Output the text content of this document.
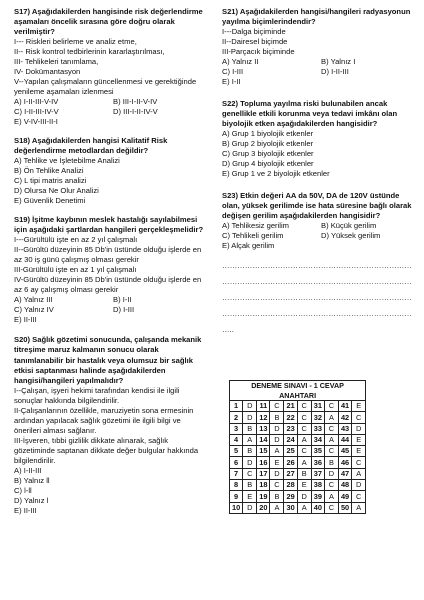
S17) Aşağıdakilerden hangisinde risk değerlendirme aşamaları öncelik sırasına göre doğru olarak verilmiştir?
I--- Riskleri belirleme ve analiz etme,
II-- Risk kontrol tedbirlerinin kararlaştırılması,
III- Tehlikeleri tanımlama,
IV- Dokümantasyon
V--Yapılan çalışmaların güncellenmesi ve gerektiğinde yenileme aşamaları izlenmesi
A) I-II-III-V-IV	B) III-I-II-V-IV
C) I-II-III-IV-V	D) III-I-II-IV-V
E) V-IV-III-II-I
S18) Aşağıdakilerden hangisi Kalitatif Risk değerlendirme metodlardan değildir?
A) Tehlike ve İşletebilme Analizi
B) Ön Tehlike Analizi
C) L tipi matris analizi
D) Olursa Ne Olur Analizi
E) Güvenlik Denetimi
S19) İşitme kaybının meslek hastalığı sayılabilmesi için aşağıdaki şartlardan hangileri gerçekleşmelidir?
I---Gürültülü işte en az 2 yıl çalışmalı
II--Gürültü düzeyinin 85 Db'in üstünde olduğu işlerde en az 30 iş günü çalışmış olması gerekir
III-Gürültülü işte en az 1 yıl çalışmalı
IV-Gürültü düzeyinin 85 Db'in üstünde olduğu işlerde en az 6 ay çalışmış olması gerekir
A) Yalnız III	B) I-II
C) Yalnız IV	D) I-III
E) II-III
S20) Sağlık gözetimi sonucunda, çalışanda mekanik titreşime maruz kalmanın sonucu olarak tanımlanabilir bir hastalık veya olumsuz bir sağlık etkisi saptanması halinde aşağıdakilerden hangisi/hangileri yapılmalıdır?
I--Çalışan, işyeri hekimi tarafından kendisi ile ilgili sonuçlar hakkında bilgilendirilir.
II-Çalışanlarının özellikle, maruziyetin sona ermesinin ardından yapılacak sağlık gözetimi ile ilgili bilgi ve önerileri alması sağlanır.
III-İşveren, tıbbi gizlilik dikkate alınarak, sağlık gözetiminde saptanan dikkate değer bulgular hakkında bilgilendirilir.
A) I-II-III
B) Yalnız ll
C) l-ll
D) Yalnız l
E) II-III
S21) Aşağıdakilerden hangisi/hangileri radyasyonun yayılma biçimlerindendir?
I---Dalga biçiminde
II--Dairesel biçimde
III-Parçacık biçiminde
A) Yalnız II	B) Yalnız I
C) I-III	D) I-II-III
E) I-II
S22) Topluma yayılma riski bulunabilen ancak genellikle etkili korunma veya tedavi imkânı olan biyolojik etken aşağıdakilerden hangisidir?
A) Grup 1 biyolojik etkenler
B) Grup 2 biyolojik etkenler
C) Grup 3 biyolojik etkenler
D) Grup 4 biyolojik etkenler
E) Grup 1 ve 2 biyolojik etkenler
S23) Etkin değeri AA da 50V, DA de 120V üstünde olan, yüksek gerilimde ise hata süresine bağlı olarak değişen gerilim aşağıdakilerden hangisidir?
A) Tehlikesiz gerilim	B) Küçük gerilim
C) Tehlikeli gerilim	D) Yüksek gerilim
E) Alçak gerilim
…………………………………………………………………
…………………………………………………………………
…………………………………………………………………
…………………………………………………………………
…..
DENEME SINAVI - 1 CEVAP ANAHTARI									
1	D	11	C	21	C	31	C	41	E
2	D	12	B	22	C	32	A	42	C
3	B	13	D	23	C	33	C	43	D
4	A	14	D	24	A	34	A	44	E
5	B	15	A	25	C	35	C	45	E
6	D	16	E	26	A	36	B	46	C
7	C	17	D	27	B	37	D	47	A
8	B	18	C	28	E	38	C	48	D
9	E	19	B	29	D	39	A	49	C
10	D	20	A	30	A	40	C	50	A
